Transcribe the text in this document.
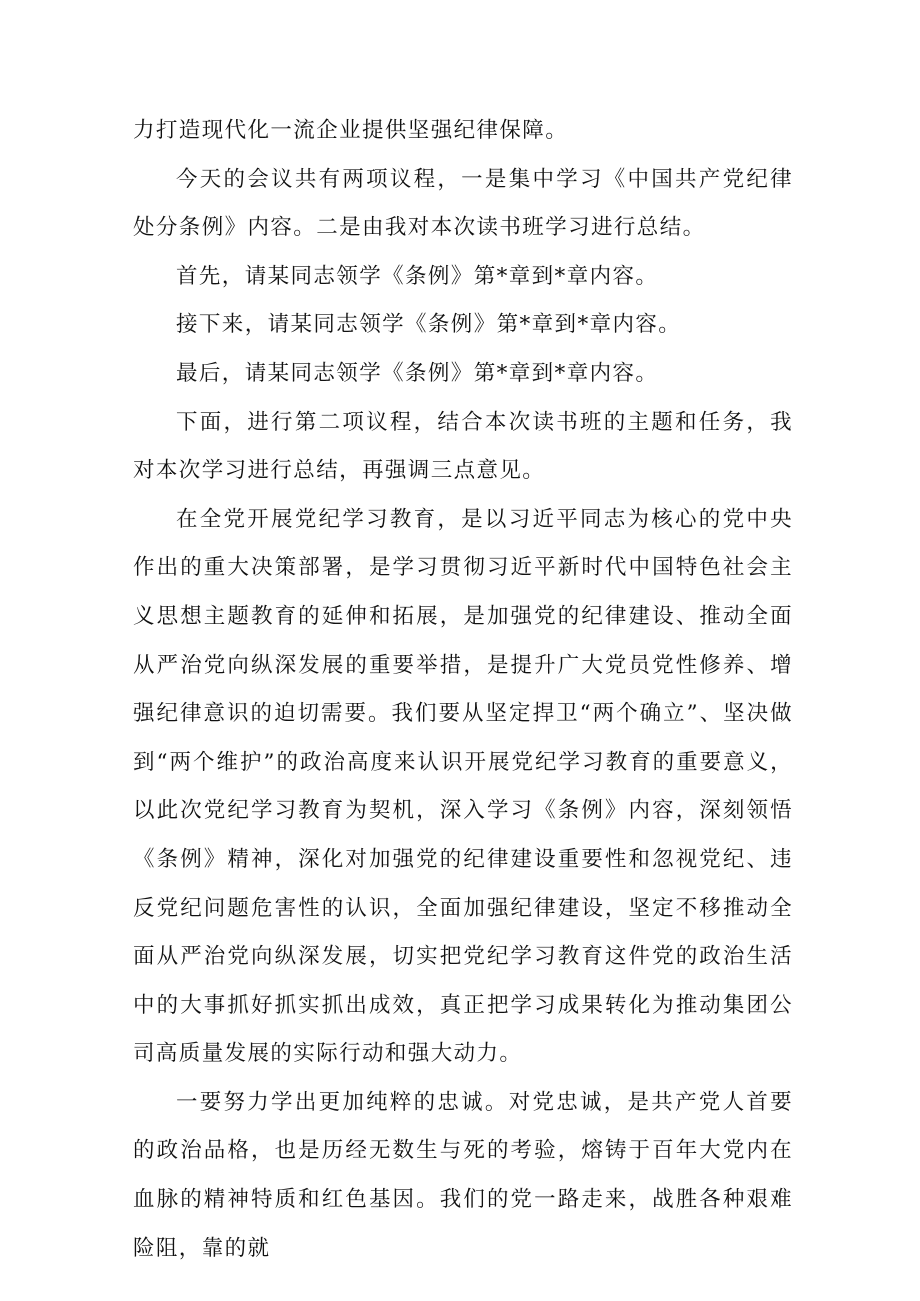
力打造现代化一流企业提供坚强纪律保障。

今天的会议共有两项议程，一是集中学习《中国共产党纪律处分条例》内容。二是由我对本次读书班学习进行总结。

首先，请某同志领学《条例》第*章到*章内容。

接下来，请某同志领学《条例》第*章到*章内容。

最后，请某同志领学《条例》第*章到*章内容。

下面，进行第二项议程，结合本次读书班的主题和任务，我对本次学习进行总结，再强调三点意见。

在全党开展党纪学习教育，是以习近平同志为核心的党中央作出的重大决策部署，是学习贯彻习近平新时代中国特色社会主义思想主题教育的延伸和拓展，是加强党的纪律建设、推动全面从严治党向纵深发展的重要举措，是提升广大党员党性修养、增强纪律意识的迫切需要。我们要从坚定捍卫“两个确立”、坚决做到“两个维护”的政治高度来认识开展党纪学习教育的重要意义，以此次党纪学习教育为契机，深入学习《条例》内容，深刻领悟《条例》精神，深化对加强党的纪律建设重要性和忽视党纪、违反党纪问题危害性的认识，全面加强纪律建设，坚定不移推动全面从严治党向纵深发展，切实把党纪学习教育这件党的政治生活中的大事抓好抓实抓出成效，真正把学习成果转化为推动集团公司高质量发展的实际行动和强大动力。

一要努力学出更加纯粹的忠诚。对党忠诚，是共产党人首要的政治品格，也是历经无数生与死的考验，熔铸于百年大党内在血脉的精神特质和红色基因。我们的党一路走来，战胜各种艰难险阻，靠的就
